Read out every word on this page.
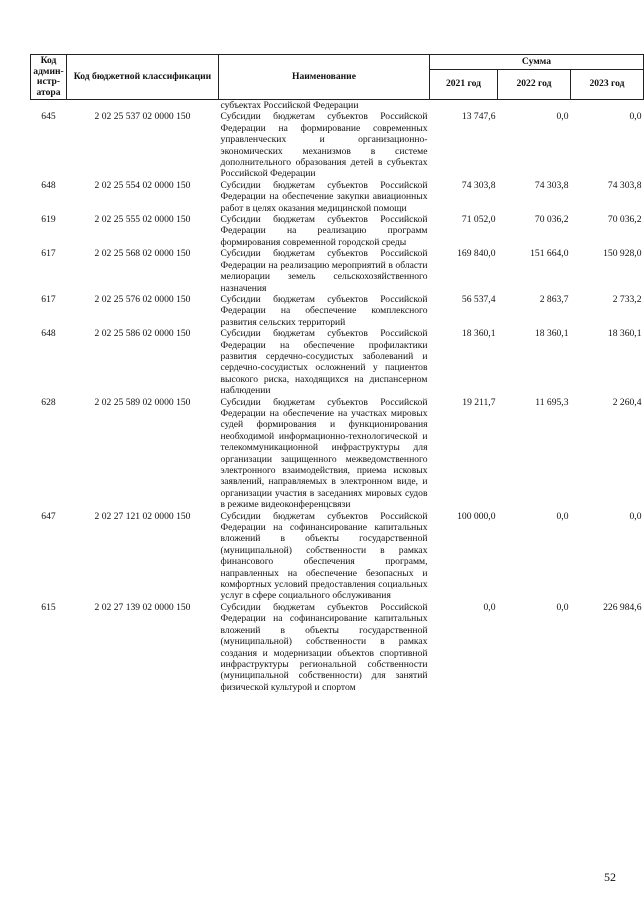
Код администратора	Код бюджетной классификации	Наименование	Сумма		
			2021 год	2022 год	2023 год
		субъектах Российской Федерации			
645	2 02 25 537 02 0000 150	Субсидии бюджетам субъектов Российской Федерации на формирование современных управленческих и организационно-экономических механизмов в системе дополнительного образования детей в субъектах Российской Федерации	13 747,6	0,0	0,0
648	2 02 25 554 02 0000 150	Субсидии бюджетам субъектов Российской Федерации на обеспечение закупки авиационных работ в целях оказания медицинской помощи	74 303,8	74 303,8	74 303,8
619	2 02 25 555 02 0000 150	Субсидии бюджетам субъектов Российской Федерации на реализацию программ формирования современной городской среды	71 052,0	70 036,2	70 036,2
617	2 02 25 568 02 0000 150	Субсидии бюджетам субъектов Российской Федерации на реализацию мероприятий в области мелиорации земель сельскохозяйственного назначения	169 840,0	151 664,0	150 928,0
617	2 02 25 576 02 0000 150	Субсидии бюджетам субъектов Российской Федерации на обеспечение комплексного развития сельских территорий	56 537,4	2 863,7	2 733,2
648	2 02 25 586 02 0000 150	Субсидии бюджетам субъектов Российской Федерации на обеспечение профилактики развития сердечно-сосудистых заболеваний и сердечно-сосудистых осложнений у пациентов высокого риска, находящихся на диспансерном наблюдении	18 360,1	18 360,1	18 360,1
628	2 02 25 589 02 0000 150	Субсидии бюджетам субъектов Российской Федерации на обеспечение на участках мировых судей формирования и функционирования необходимой информационно-технологической и телекоммуникационной инфраструктуры для организации защищенного межведомственного электронного взаимодействия, приема исковых заявлений, направляемых в электронном виде, и организации участия в заседаниях мировых судов в режиме видеоконференцсвязи	19 211,7	11 695,3	2 260,4
647	2 02 27 121 02 0000 150	Субсидии бюджетам субъектов Российской Федерации на софинансирование капитальных вложений в объекты государственной (муниципальной) собственности в рамках финансового обеспечения программ, направленных на обеспечение безопасных и комфортных условий предоставления социальных услуг в сфере социального обслуживания	100 000,0	0,0	0,0
615	2 02 27 139 02 0000 150	Субсидии бюджетам субъектов Российской Федерации на софинансирование капитальных вложений в объекты государственной (муниципальной) собственности в рамках создания и модернизации объектов спортивной инфраструктуры региональной собственности (муниципальной собственности) для занятий физической культурой и спортом	0,0	0,0	226 984,6
52
